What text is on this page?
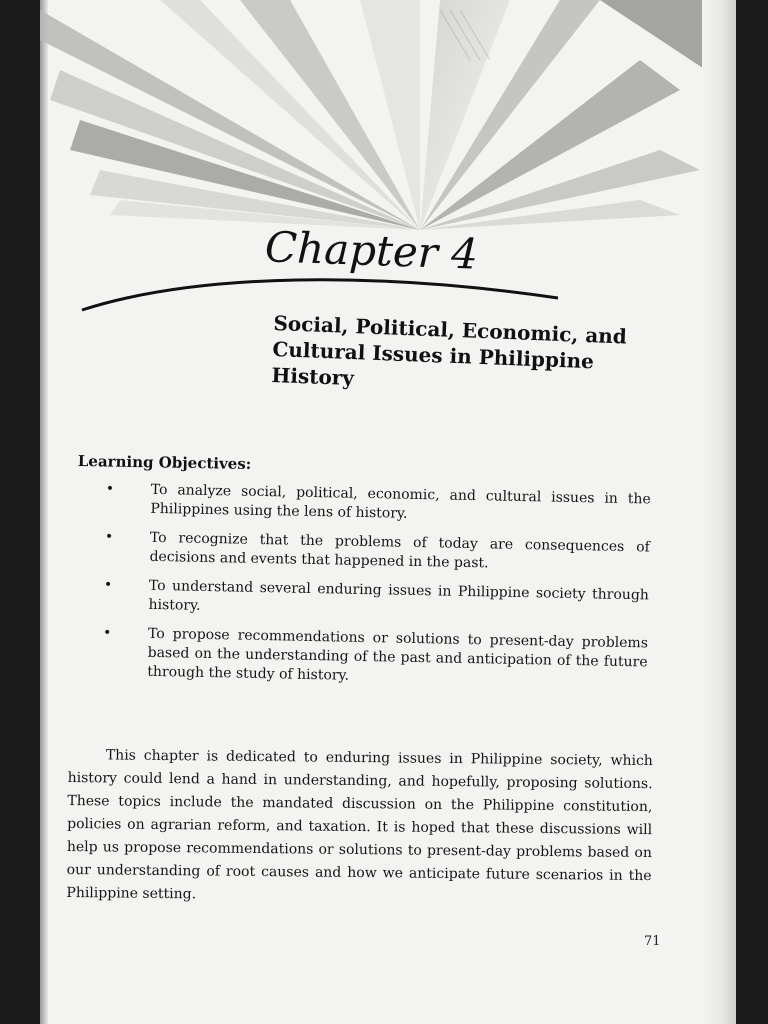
Chapter 4
Social, Political, Economic, and Cultural Issues in Philippine History
Learning Objectives:
•	To analyze social, political, economic, and cultural issues in the Philippines using the lens of history.
•	To recognize that the problems of today are consequences of decisions and events that happened in the past.
•	To understand several enduring issues in Philippine society through history.
•	To propose recommendations or solutions to present-day problems based on the understanding of the past and anticipation of the future through the study of history.

This chapter is dedicated to enduring issues in Philippine society, which history could lend a hand in understanding, and hopefully, proposing solutions. These topics include the mandated discussion on the Philippine constitution, policies on agrarian reform, and taxation. It is hoped that these discussions will help us propose recommendations or solutions to present-day problems based on our understanding of root causes and how we anticipate future scenarios in the Philippine setting.

71
